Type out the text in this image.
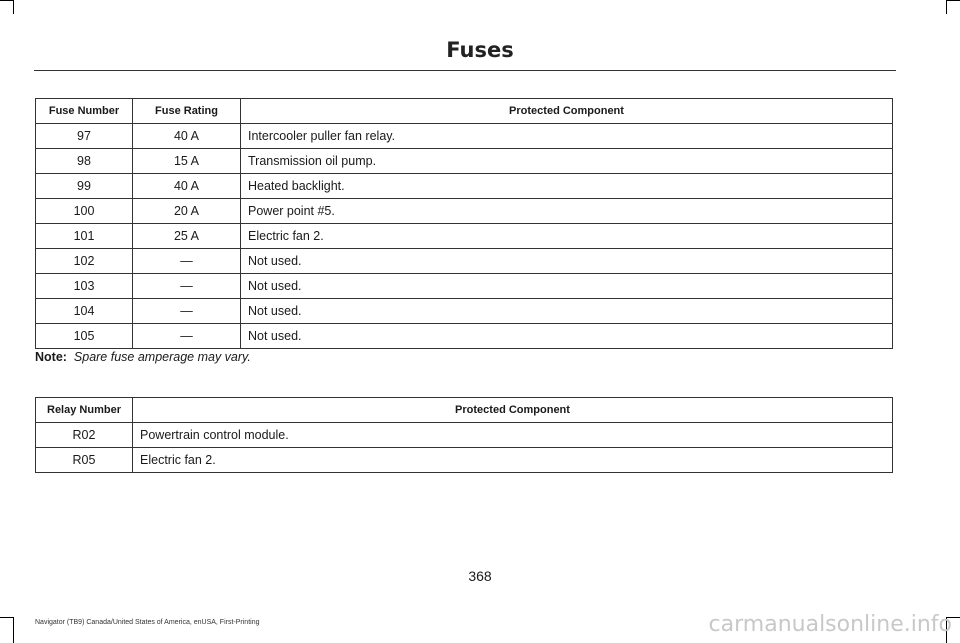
Fuses
Fuse Number	Fuse Rating	Protected Component
97	40 A	Intercooler puller fan relay.
98	15 A	Transmission oil pump.
99	40 A	Heated backlight.
100	20 A	Power point #5.
101	25 A	Electric fan 2.
102	—	Not used.
103	—	Not used.
104	—	Not used.
105	—	Not used.
Note: Spare fuse amperage may vary.
Relay Number	Protected Component
R02	Powertrain control module.
R05	Electric fan 2.
368
Navigator (TB9) Canada/United States of America, enUSA, First-Printing	carmanualsonline.info
